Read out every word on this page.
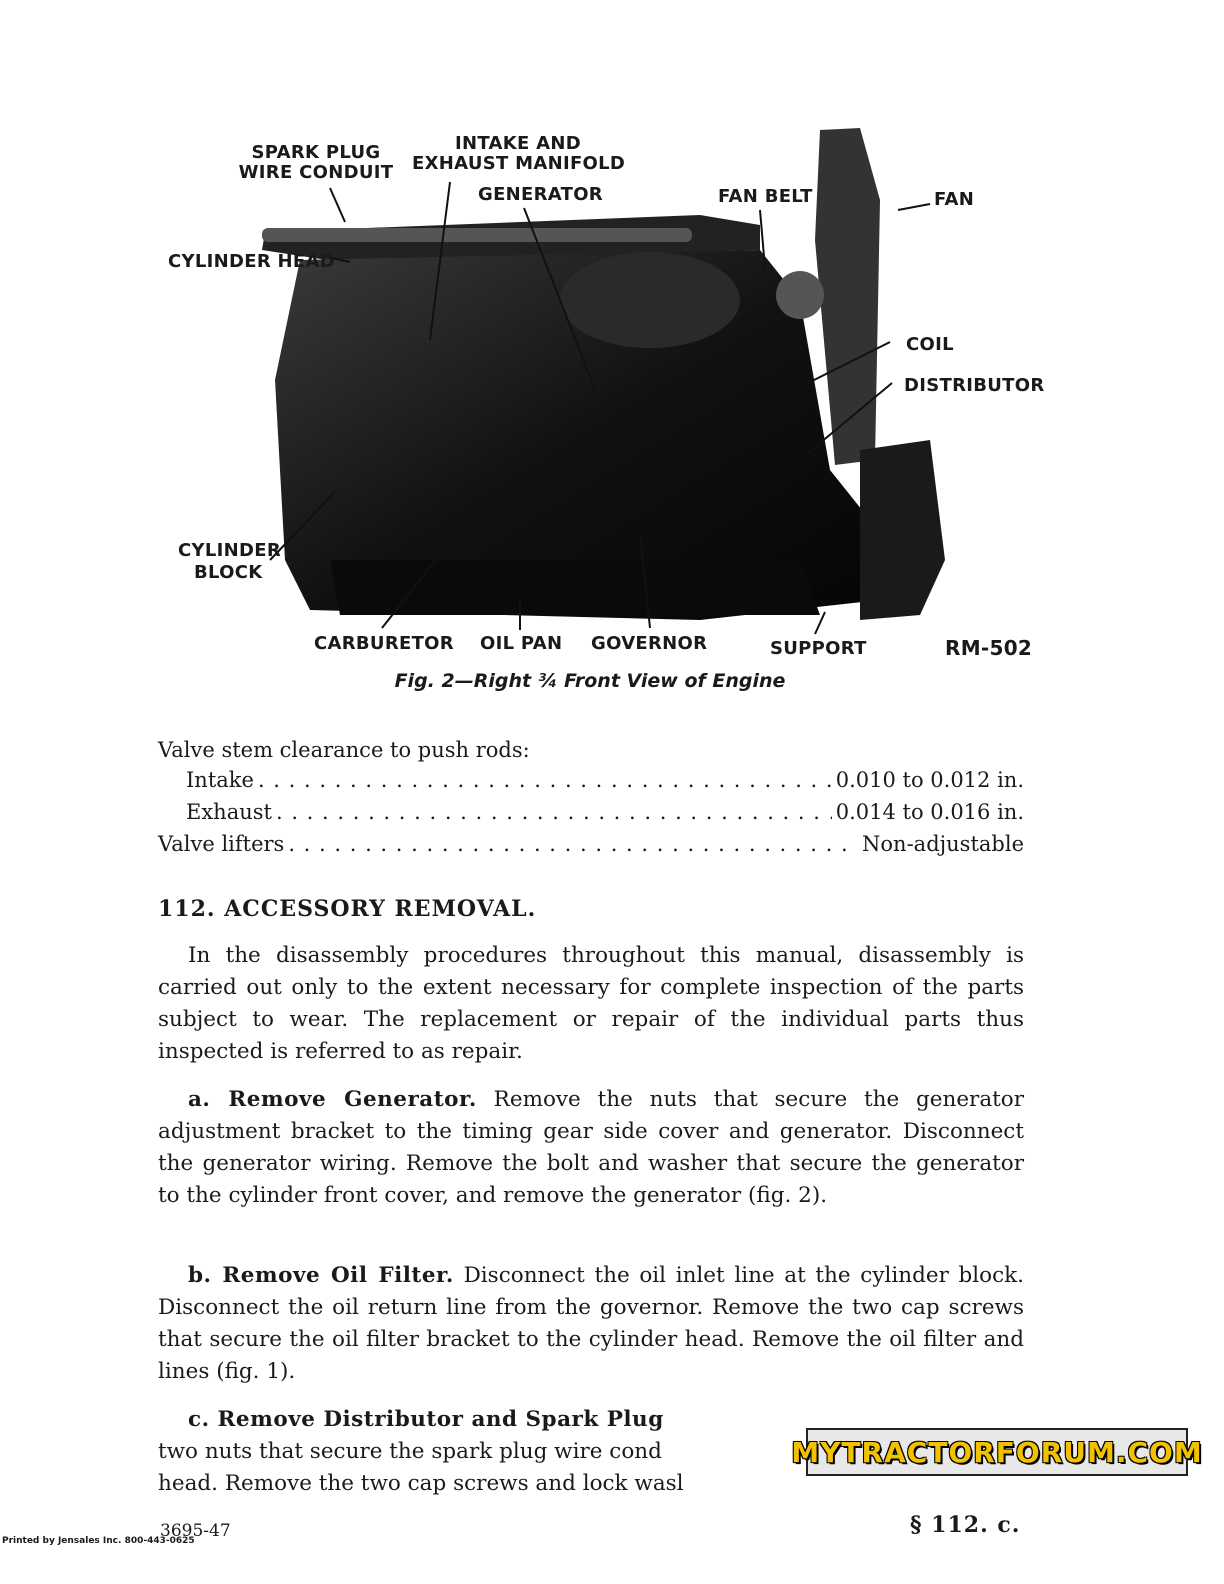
SPARK PLUG
WIRE CONDUIT
INTAKE AND
EXHAUST MANIFOLD
GENERATOR	FAN BELT	FAN
CYLINDER HEAD
COIL
DISTRIBUTOR
CYLINDER
BLOCK
CARBURETOR OIL PAN GOVERNOR	SUPPORT	RM-502
Fig. 2—Right ¾ Front View of Engine
Valve stem clearance to push rods:
Intake . . .	0.010 to 0.012 in.
Exhaust . . .	0.014 to 0.016 in.
Valve lifters . . .	Non-adjustable
112. ACCESSORY REMOVAL.
In the disassembly procedures throughout this manual, disassembly is carried out only to the extent necessary for complete inspection of the parts subject to wear. The replacement or repair of the individual parts thus inspected is referred to as repair.
a. Remove Generator. Remove the nuts that secure the generator adjustment bracket to the timing gear side cover and generator. Disconnect the generator wiring. Remove the bolt and washer that secure the generator to the cylinder front cover, and remove the generator (fig. 2).
b. Remove Oil Filter. Disconnect the oil inlet line at the cylinder block. Disconnect the oil return line from the governor. Remove the two cap screws that secure the oil filter bracket to the cylinder head. Remove the oil filter and lines (fig. 1).
c. Remove Distributor and Spark Plug
two nuts that secure the spark plug wire cond
head. Remove the two cap screws and lock wasl
MYTRACTORFORUM.COM
Printed by Jensales Inc. 800-443-0625
3695-47	§ 112. c.
